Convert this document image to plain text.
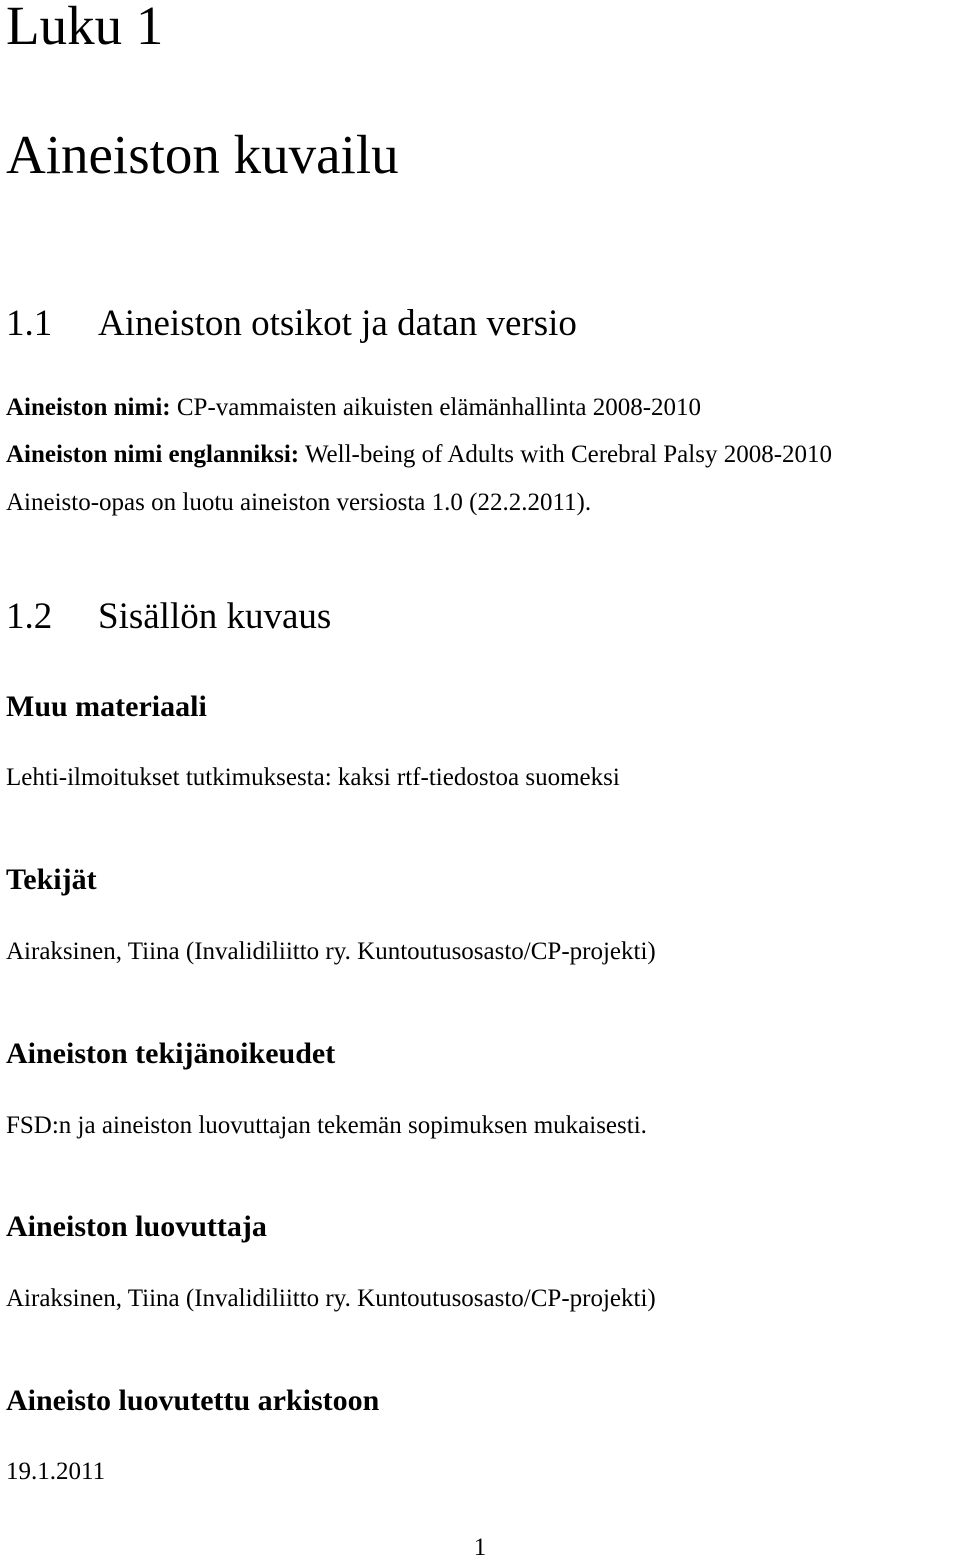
Luku 1
Aineiston kuvailu
1.1 Aineiston otsikot ja datan versio

Aineiston nimi: CP-vammaisten aikuisten elämänhallinta 2008-2010

Aineiston nimi englanniksi: Well-being of Adults with Cerebral Palsy 2008-2010

Aineisto-opas on luotu aineiston versiosta 1.0 (22.2.2011).

1.2 Sisällön kuvaus
Muu materiaali

Lehti-ilmoitukset tutkimuksesta: kaksi rtf-tiedostoa suomeksi

Tekijät

Airaksinen, Tiina (Invalidiliitto ry. Kuntoutusosasto/CP-projekti)

Aineiston tekijänoikeudet

FSD:n ja aineiston luovuttajan tekemän sopimuksen mukaisesti.

Aineiston luovuttaja

Airaksinen, Tiina (Invalidiliitto ry. Kuntoutusosasto/CP-projekti)

Aineisto luovutettu arkistoon

19.1.2011

1
